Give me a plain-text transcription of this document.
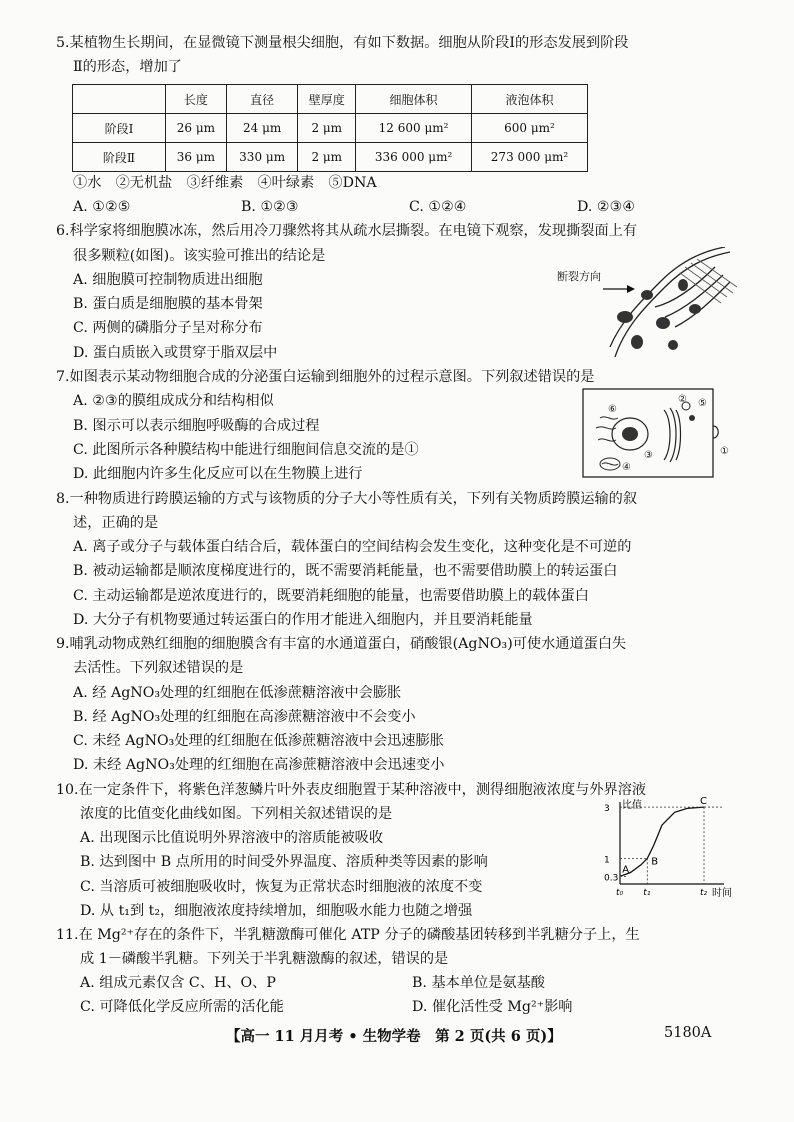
5.某植物生长期间，在显微镜下测量根尖细胞，有如下数据。细胞从阶段Ⅰ的形态发展到阶段
Ⅱ的形态，增加了
	长度	直径	壁厚度	细胞体积	液泡体积
阶段Ⅰ	26 μm	24 μm	2 μm	12 600 μm²	600 μm²
阶段Ⅱ	36 μm	330 μm	2 μm	336 000 μm²	273 000 μm²
①水　②无机盐　③纤维素　④叶绿素　⑤DNA
A. ①②⑤	B. ①②③	C. ①②④	D. ②③④
6.科学家将细胞膜冰冻，然后用冷刀骤然将其从疏水层撕裂。在电镜下观察，发现撕裂面上有
很多颗粒(如图)。该实验可推出的结论是
A. 细胞膜可控制物质进出细胞
B. 蛋白质是细胞膜的基本骨架
C. 两侧的磷脂分子呈对称分布
D. 蛋白质嵌入或贯穿于脂双层中
断裂方向
7.如图表示某动物细胞合成的分泌蛋白运输到细胞外的过程示意图。下列叙述错误的是
A. ②③的膜组成成分和结构相似
B. 图示可以表示细胞呼吸酶的合成过程
C. 此图所示各种膜结构中能进行细胞间信息交流的是①
D. 此细胞内许多生化反应可以在生物膜上进行
⑥
② ⑤
③
④
①
8.一种物质进行跨膜运输的方式与该物质的分子大小等性质有关，下列有关物质跨膜运输的叙
述，正确的是
A. 离子或分子与载体蛋白结合后，载体蛋白的空间结构会发生变化，这种变化是不可逆的
B. 被动运输都是顺浓度梯度进行的，既不需要消耗能量，也不需要借助膜上的转运蛋白
C. 主动运输都是逆浓度进行的，既要消耗细胞的能量，也需要借助膜上的载体蛋白
D. 大分子有机物要通过转运蛋白的作用才能进入细胞内，并且要消耗能量
9.哺乳动物成熟红细胞的细胞膜含有丰富的水通道蛋白，硝酸银(AgNO₃)可使水通道蛋白失
去活性。下列叙述错误的是
A. 经 AgNO₃处理的红细胞在低渗蔗糖溶液中会膨胀
B. 经 AgNO₃处理的红细胞在高渗蔗糖溶液中不会变小
C. 未经 AgNO₃处理的红细胞在低渗蔗糖溶液中会迅速膨胀
D. 未经 AgNO₃处理的红细胞在高渗蔗糖溶液中会迅速变小
10.在一定条件下，将紫色洋葱鳞片叶外表皮细胞置于某种溶液中，测得细胞液浓度与外界溶液
浓度的比值变化曲线如图。下列相关叙述错误的是
A. 出现图示比值说明外界溶液中的溶质能被吸收
B. 达到图中 B 点所用的时间受外界温度、溶质种类等因素的影响
C. 当溶质可被细胞吸收时，恢复为正常状态时细胞液的浓度不变
D. 从 t₁到 t₂，细胞液浓度持续增加，细胞吸水能力也随之增强
比值
时间
3
1
0.3
t₀ t₁	t₂
A
B
C
11.在 Mg²⁺存在的条件下，半乳糖激酶可催化 ATP 分子的磷酸基团转移到半乳糖分子上，生
成 1－磷酸半乳糖。下列关于半乳糖激酶的叙述，错误的是
A. 组成元素仅含 C、H、O、P	B. 基本单位是氨基酸
C. 可降低化学反应所需的活化能	D. 催化活性受 Mg²⁺影响
【高一 11 月月考 • 生物学卷　第 2 页(共 6 页)】	5180A
